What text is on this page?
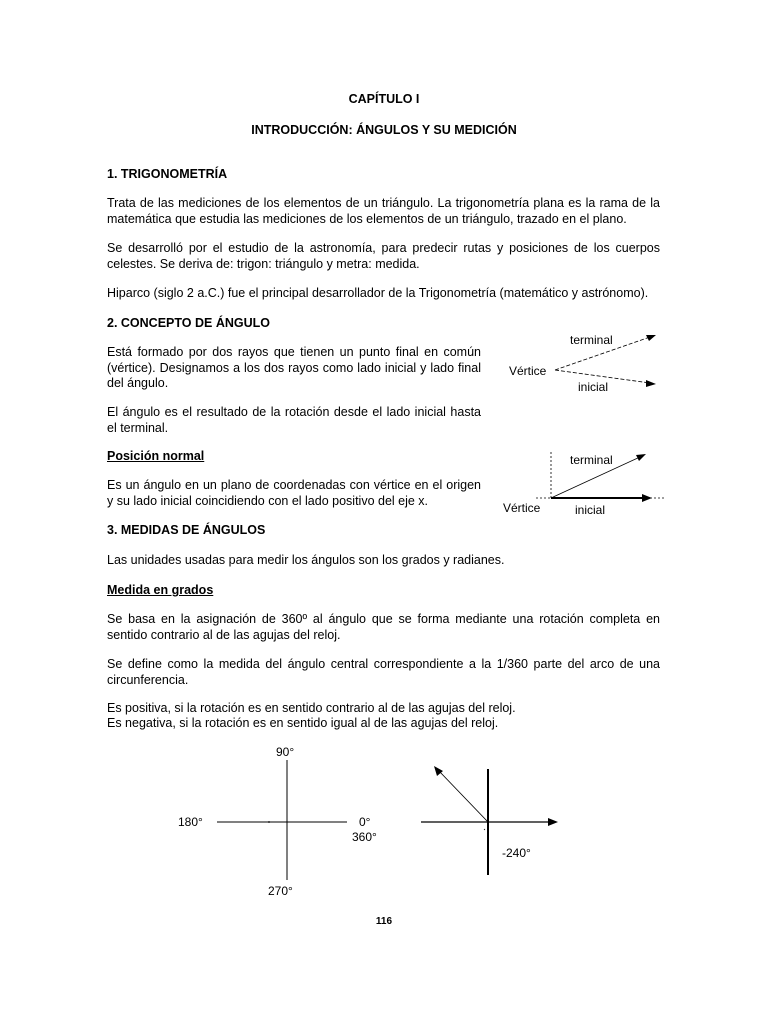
CAPÍTULO I

INTRODUCCIÓN: ÁNGULOS Y SU MEDICIÓN

1. TRIGONOMETRÍA

Trata de las mediciones de los elementos de un triángulo. La trigonometría plana es la rama de la matemática que estudia las mediciones de los elementos de un triángulo, trazado en el plano.

Se desarrolló por el estudio de la astronomía, para predecir rutas y posiciones de los cuerpos celestes. Se deriva de: trigon: triángulo y metra: medida.

Hiparco (siglo 2 a.C.) fue el principal desarrollador de la Trigonometría (matemático y astrónomo).

2. CONCEPTO DE ÁNGULO

Está formado por dos rayos que tienen un punto final en común (vértice). Designamos a los dos rayos como lado inicial y lado final del ángulo.

El ángulo es el resultado de la rotación desde el lado inicial hasta el terminal.

Posición normal

Es un ángulo en un plano de coordenadas con vértice en el origen y su lado inicial coincidiendo con el lado positivo del eje x.

terminal
Vértice
inicial
terminal
Vértice	inicial

3. MEDIDAS DE ÁNGULOS

Las unidades usadas para medir los ángulos son los grados y radianes.

Medida en grados

Se basa en la asignación de 360º al ángulo que se forma mediante una rotación completa en sentido contrario al de las agujas del reloj.

Se define como la medida del ángulo central correspondiente a la 1/360 parte del arco de una circunferencia.

Es positiva, si la rotación es en sentido contrario al de las agujas del reloj.

Es negativa, si la rotación es en sentido igual al de las agujas del reloj.

90°
180°	0°
360°
270°
-240°

116
